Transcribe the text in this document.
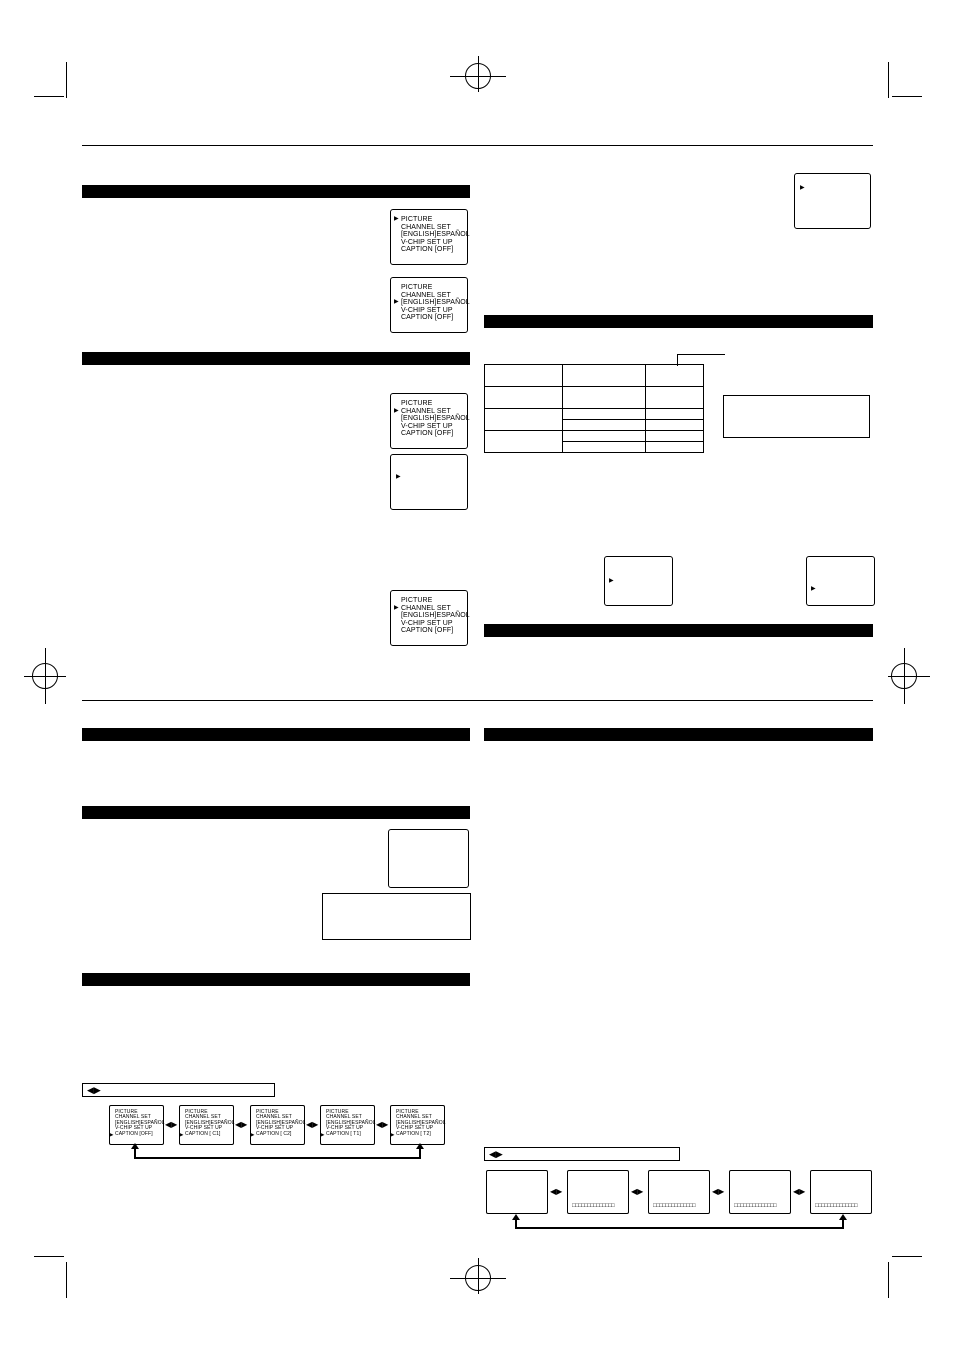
▶ PICTURE
CHANNEL SET
[ENGLISH]ESPAÑOL
V-CHIP SET UP
CAPTION [OFF]
PICTURE
CHANNEL SET
▶ [ENGLISH]ESPAÑOL
V-CHIP SET UP
CAPTION [OFF]
PICTURE
▶ CHANNEL SET
[ENGLISH]ESPAÑOL
V-CHIP SET UP
CAPTION [OFF]
▶
PICTURE
▶ CHANNEL SET
[ENGLISH]ESPAÑOL
V-CHIP SET UP
CAPTION [OFF]
▶

▶
▶
◀▶
PICTURE
CHANNEL SET
[ENGLISH]ESPAÑOL
V-CHIP SET UP
▶ CAPTION [OFF]
◀▶
PICTURE
CHANNEL SET
[ENGLISH]ESPAÑOL
V-CHIP SET UP
▶ CAPTION [ C1]
◀▶
PICTURE
CHANNEL SET
[ENGLISH]ESPAÑOL
V-CHIP SET UP
▶ CAPTION [ C2]
◀▶
PICTURE
CHANNEL SET
[ENGLISH]ESPAÑOL
V-CHIP SET UP
▶ CAPTION [ T1]
◀▶
PICTURE
CHANNEL SET
[ENGLISH]ESPAÑOL
V-CHIP SET UP
▶ CAPTION [ T2]
◀▶
◀▶
□□□□□□□□□□□□□□
◀▶
□□□□□□□□□□□□□□
◀▶
□□□□□□□□□□□□□□
◀▶
□□□□□□□□□□□□□□
